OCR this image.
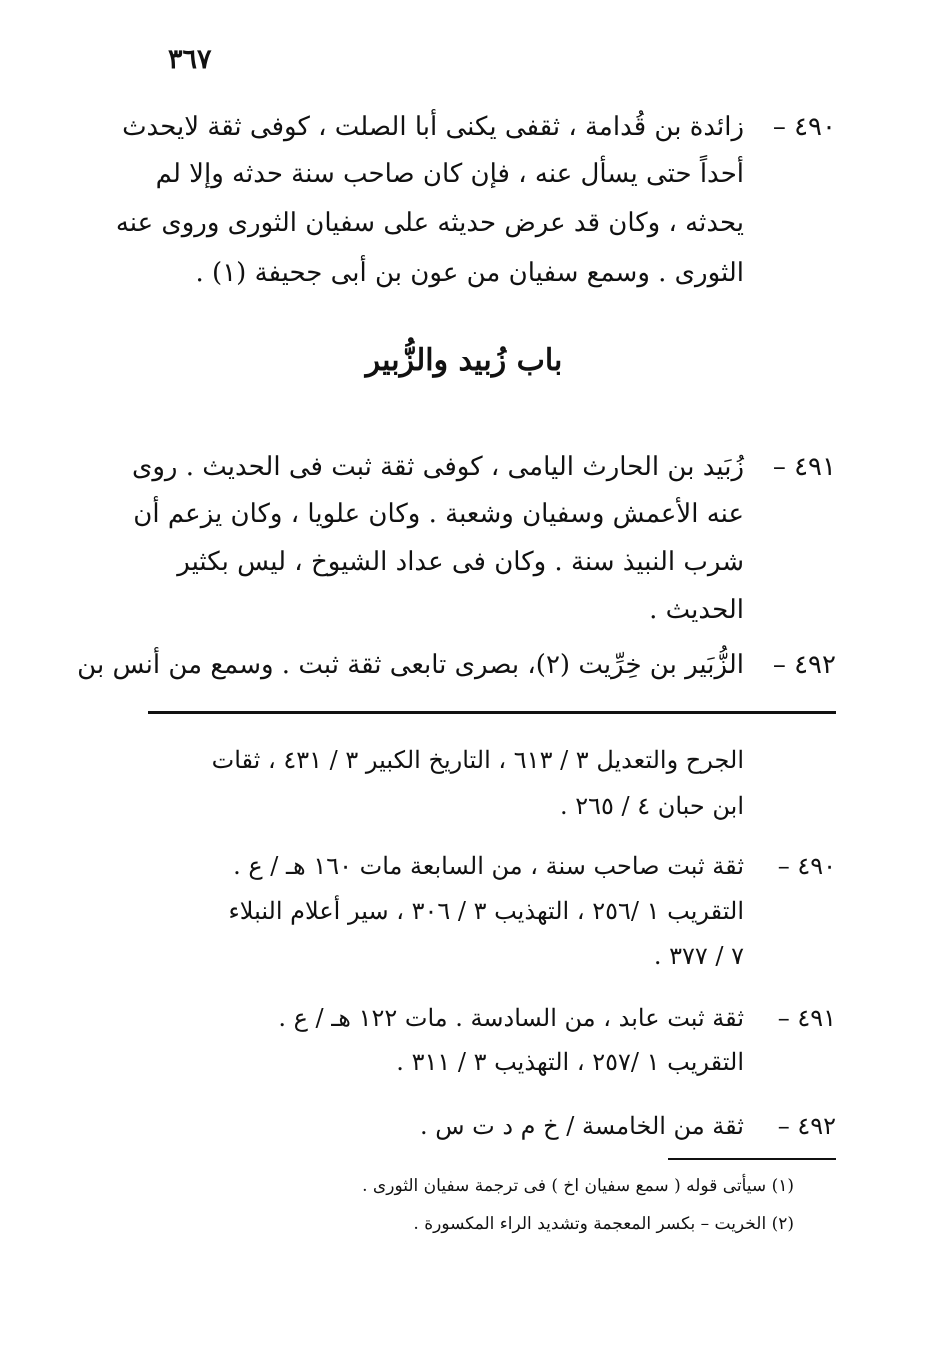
٣٦٧
٤٩٠ –
زائدة بن قُدامة ، ثقفى يكنى أبا الصلت ، كوفى ثقة لايحدث
أحداً حتى يسأل عنه ، فإن كان صاحب سنة حدثه وإلا لم
يحدثه ، وكان قد عرض حديثه على سفيان الثورى وروى عنه
الثورى . وسمع سفيان من عون بن أبى جحيفة (١) .
باب زُبيد والزُّبير
٤٩١ –
زُبَيد بن الحارث اليامى ، كوفى ثقة ثبت فى الحديث . روى
عنه الأعمش وسفيان وشعبة . وكان علويا ، وكان يزعم أن
شرب النبيذ سنة . وكان فى عداد الشيوخ ، ليس بكثير
الحديث .
٤٩٢ –
الزُّبَير بن خِرِّيت (٢)، بصرى تابعى ثقة ثبت . وسمع من أنس بن
الجرح والتعديل ٣ / ٦١٣ ، التاريخ الكبير ٣ / ٤٣١ ، ثقات
ابن حبان ٤ / ٢٦٥ .
٤٩٠ –
ثقة ثبت صاحب سنة ، من السابعة مات ١٦٠ هـ / ع .
التقريب ١ /٢٥٦ ، التهذيب ٣ / ٣٠٦ ، سير أعلام النبلاء
٧ / ٣٧٧ .
٤٩١ –
ثقة ثبت عابد ، من السادسة . مات ١٢٢ هـ / ع .
التقريب ١ /٢٥٧ ، التهذيب ٣ / ٣١١ .
٤٩٢ –
ثقة من الخامسة / خ م د ت س .
(١) سيأتى قوله ( سمع سفيان اخ ) فى ترجمة سفيان الثورى .
(٢) الخريت – بكسر المعجمة وتشديد الراء المكسورة .
